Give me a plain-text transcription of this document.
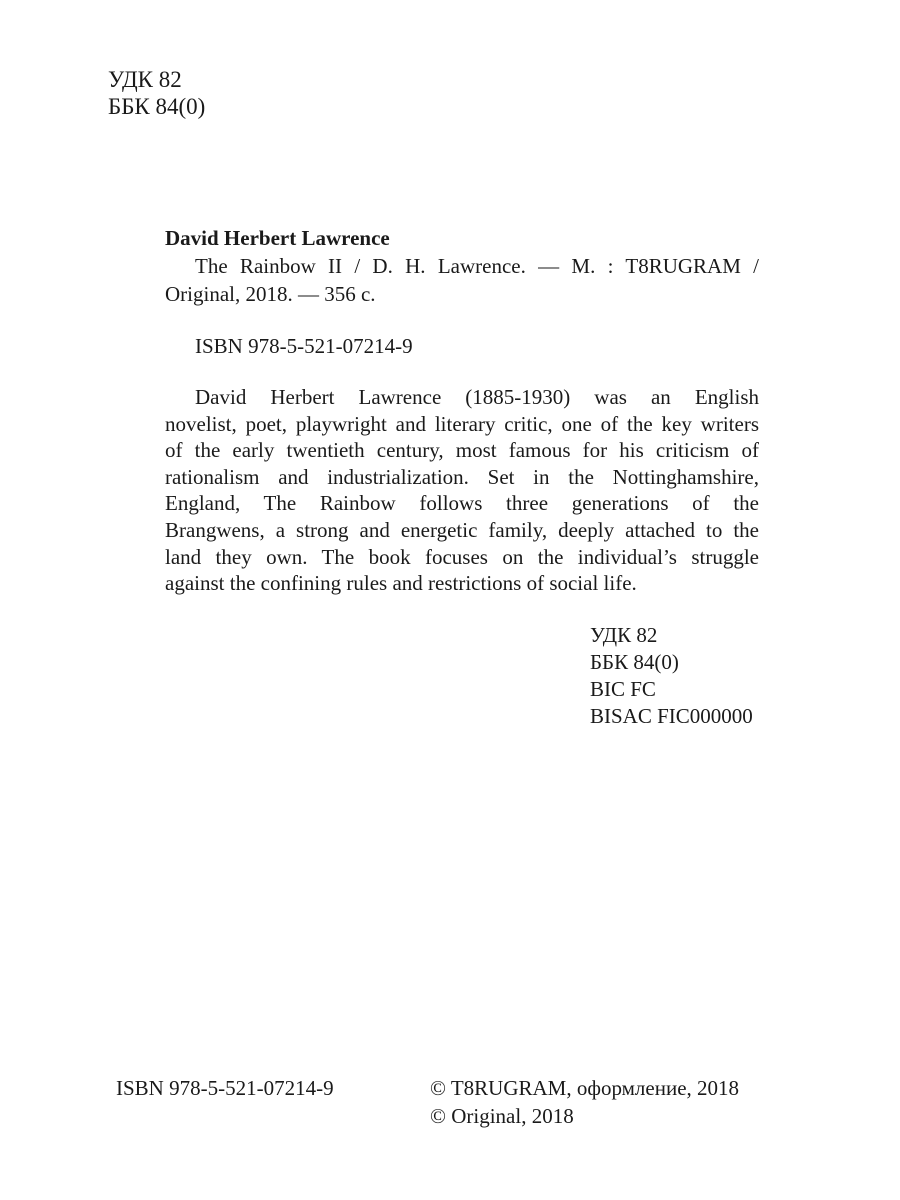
УДК 82
ББК 84(0)
David Herbert Lawrence
The Rainbow II / D. H. Lawrence. — M. : T8RUGRAM /
Original, 2018. — 356 c.
ISBN 978-5-521-07214-9
David Herbert Lawrence (1885-1930) was an English
novelist, poet, playwright and literary critic, one of the key writers
of the early twentieth century, most famous for his criticism of
rationalism and industrialization. Set in the Nottinghamshire,
England, The Rainbow follows three generations of the
Brangwens, a strong and energetic family, deeply attached to the
land they own. The book focuses on the individual’s struggle
against the confining rules and restrictions of social life.
УДК 82
ББК 84(0)
BIC FC
BISAC FIC000000
ISBN 978-5-521-07214-9	© T8RUGRAM, оформление, 2018
© Original, 2018
